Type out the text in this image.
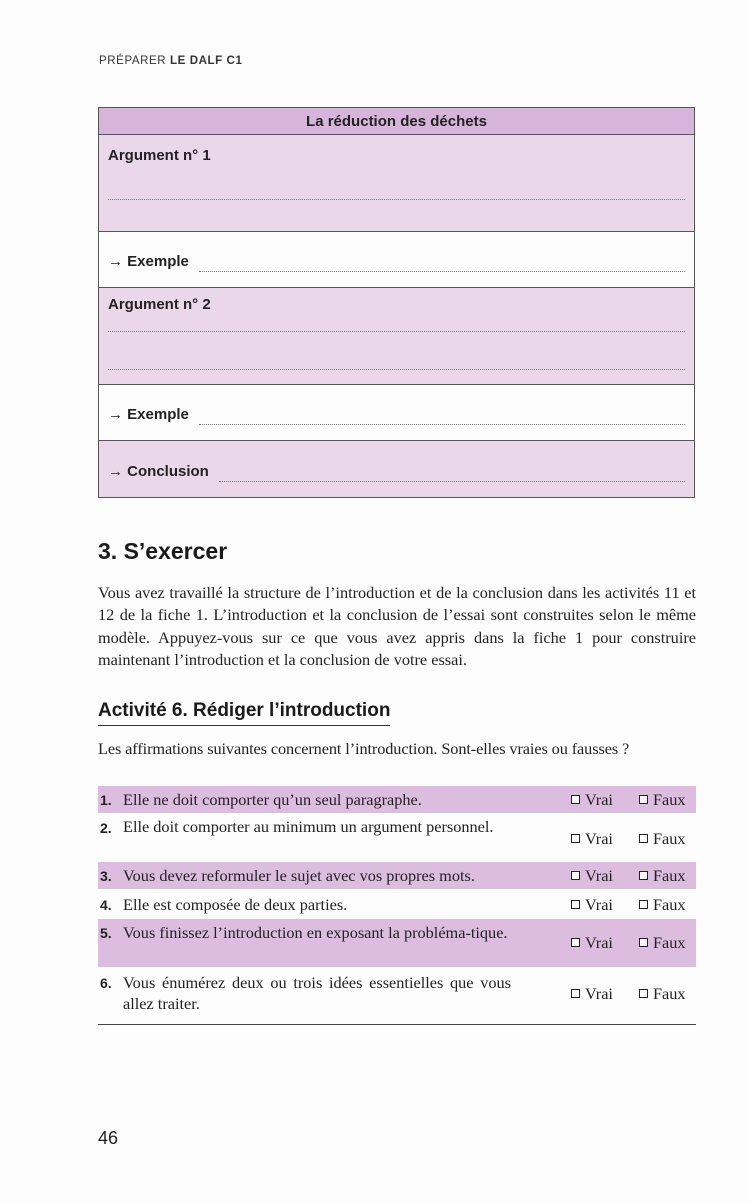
PRÉPARER LE DALF C1
La réduction des déchets
Argument n° 1
→ Exemple
Argument n° 2
→ Exemple
→ Conclusion
3. S’exercer

Vous avez travaillé la structure de l’introduction et de la conclusion dans les activités 11 et 12 de la fiche 1. L’introduction et la conclusion de l’essai sont construites selon le même modèle. Appuyez-vous sur ce que vous avez appris dans la fiche 1 pour construire maintenant l’introduction et la conclusion de votre essai.

Activité 6. Rédiger l’introduction

Les affirmations suivantes concernent l’introduction. Sont-elles vraies ou fausses ?

1. Elle ne doit comporter qu’un seul paragraphe.	Vrai Faux
2. Elle doit comporter au minimum un argument personnel.
Vrai Faux
3. Vous devez reformuler le sujet avec vos propres mots.	Vrai Faux
4. Elle est composée de deux parties.	Vrai Faux
5. Vous finissez l’introduction en exposant la probléma-tique.
Vrai Faux
6. Vous énumérez deux ou trois idées essentielles que vous allez traiter.
Vrai Faux
46
